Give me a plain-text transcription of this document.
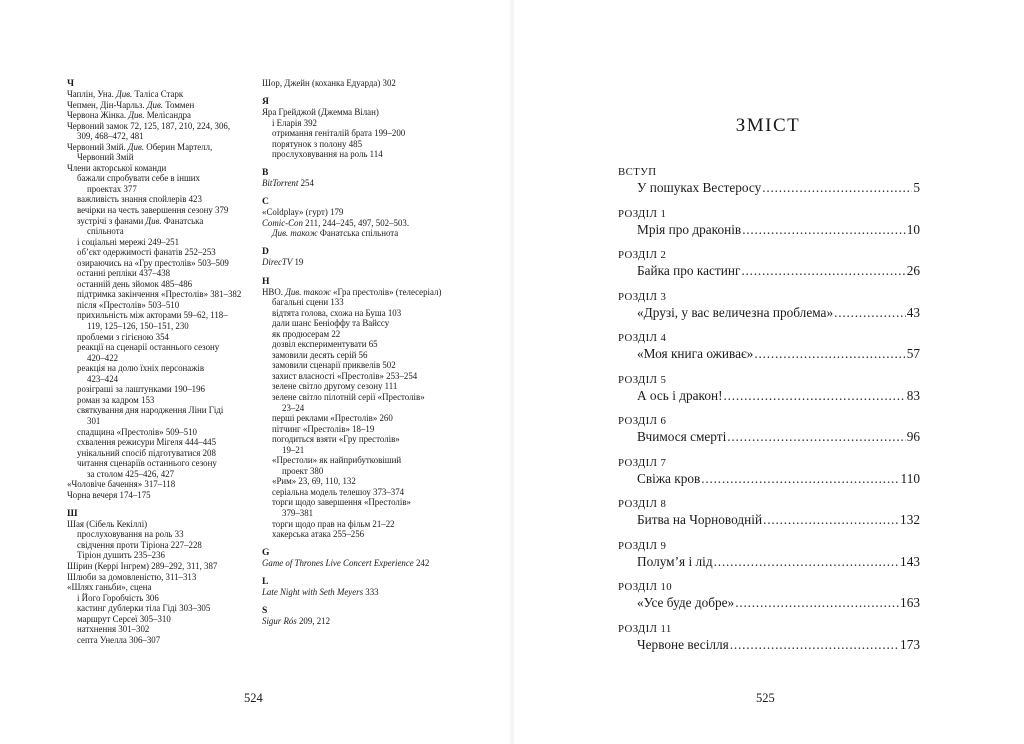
Ч
Чаплін, Уна. Див. Таліса Старк
Чепмен, Дін-Чарльз. Див. Томмен
Червона Жінка. Див. Мелісандра
Червоний замок 72, 125, 187, 210, 224, 306,
309, 468–472, 481
Червоний Змій. Див. Оберин Мартелл,
Червоний Змій
Члени акторської команди
бажали спробувати себе в інших
проектах 377
важливість знання спойлерів 423
вечірки на честь завершення сезону 379
зустрічі з фанами Див. Фанатська
спільнота
і соціальні мережі 249–251
об’єкт одержимості фанатів 252–253
озираючись на «Гру престолів» 503–509
останні репліки 437–438
останній день зйомок 485–486
підтримка закінчення «Престолів» 381–382
після «Престолів» 503–510
прихильність між акторами 59–62, 118–
119, 125–126, 150–151, 230
проблеми з гігієною 354
реакції на сценарії останнього сезону
420–422
реакція на долю їхніх персонажів
423–424
розіграші за лаштунками 190–196
роман за кадром 153
святкування дня народження Ліни Гіді
301
спадщина «Престолів» 509–510
схвалення режисури Мігеля 444–445
унікальний спосіб підготуватися 208
читання сценаріїв останнього сезону
за столом 425–426, 427
«Чоловіче бачення» 317–118
Чорна вечеря 174–175
Ш
Шая (Сібель Кекіллі)
прослуховування на роль 33
свідчення проти Тіріона 227–228
Тіріон душить 235–236
Шірин (Керрі Інгрем) 289–292, 311, 387
Шлюби за домовленістю, 311–313
«Шлях ганьби», сцена
і Його Горобчість 306
кастинг дублерки тіла Гіді 303–305
маршрут Серсеї 305–310
натхнення 301–302
септа Унелла 306–307
Шор, Джейн (коханка Едуарда) 302
Я
Яра Грейджой (Джемма Вілан)
і Еларія 392
отримання геніталій брата 199–200
порятунок з полону 485
прослуховування на роль 114
B
BitTorrent 254
C
«Coldplay» (гурт) 179
Comic-Con 211, 244–245, 497, 502–503.
Див. також Фанатська спільнота
D
DirecTV 19
H
HBO. Див. також «Гра престолів» (телесеріал)
багальні сцени 133
відтята голова, схожа на Буша 103
дали шанс Беніоффу та Вайссу
як продюсерам 22
дозвіл експериментувати 65
замовили десять серій 56
замовили сценарії приквелів 502
захист власності «Престолів» 253–254
зелене світло другому сезону 111
зелене світло пілотній серії «Престолів»
23–24
перші реклами «Престолів» 260
пітчинг «Престолів» 18–19
погодиться взяти «Гру престолів»
19–21
«Престоли» як найприбутковіший
проект 380
«Рим» 23, 69, 110, 132
серіальна модель телешоу 373–374
торги щодо завершення «Престолів»
379–381
торги щодо прав на фільм 21–22
хакерська атака 255–256
G
Game of Thrones Live Concert Experience 242
L
Late Night with Seth Meyers 333
S
Sigur Rós 209, 212
524
ЗМІСТ
ВСТУП
У пошуках Вестеросу .....	5
РОЗДІЛ 1
Мрія про драконів .....	10
РОЗДІЛ 2
Байка про кастинг .....	26
РОЗДІЛ 3
«Друзі, у вас величезна проблема» .....	43
РОЗДІЛ 4
«Моя книга оживає» .....	57
РОЗДІЛ 5
А ось і дракон! .....	83
РОЗДІЛ 6
Вчимося смерті .....	96
РОЗДІЛ 7
Свіжа кров .....	110
РОЗДІЛ 8
Битва на Чорноводній .....	132
РОЗДІЛ 9
Полум’я і лід .....	143
РОЗДІЛ 10
«Усе буде добре» .....	163
РОЗДІЛ 11
Червоне весілля .....	173
525
